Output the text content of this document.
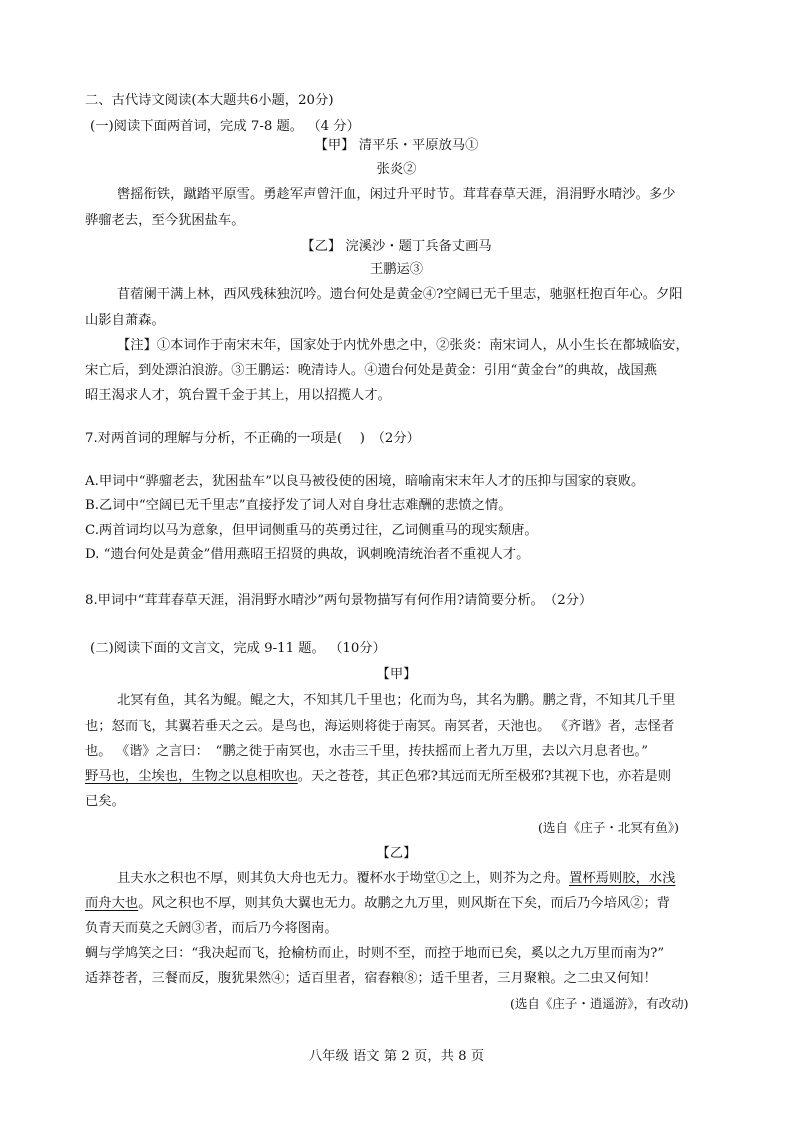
二、古代诗文阅读(本大题共6小题，20分)
(一)阅读下面两首词，完成 7-8 题。 （4 分）
【甲】 清平乐・平原放马①
张炎②
辔摇衔铁，蹴踏平原雪。勇趁军声曾汗血，闲过升平时节。茸茸春草天涯，涓涓野水晴沙。多少
骅骝老去，至今犹困盐车。
【乙】 浣溪沙・题丁兵备丈画马
王鹏运③
苜蓿阑干满上林，西风残秣独沉吟。遗台何处是黄金④?空阔已无千里志，驰驱枉抱百年心。夕阳
山影自萧森。
【注】①本词作于南宋末年，国家处于内忧外患之中，②张炎：南宋词人，从小生长在都城临安，
宋亡后，到处漂泊浪游。③王鹏运：晚清诗人。④遗台何处是黄金：引用“黄金台”的典故，战国燕
昭王渴求人才，筑台置千金于其上，用以招揽人才。
7.对两首词的理解与分析，不正确的一项是(　 )　（2分）
A.甲词中“骅骝老去，犹困盐车”以良马被役使的困境，暗喻南宋末年人才的压抑与国家的衰败。
B.乙词中“空阔已无千里志”直接抒发了词人对自身壮志难酬的悲愤之情。
C.两首词均以马为意象，但甲词侧重马的英勇过往，乙词侧重马的现实颓唐。
D. “遗台何处是黄金”借用燕昭王招贤的典故，讽刺晚清统治者不重视人才。
8.甲词中“茸茸春草天涯，涓涓野水晴沙”两句景物描写有何作用?请简要分析。　（2分）
(二)阅读下面的文言文，完成 9-11 题。 （10分）
【甲】
北冥有鱼，其名为鲲。鲲之大，不知其几千里也；化而为鸟，其名为鹏。鹏之背，不知其几千里
也；怒而飞，其翼若垂天之云。是鸟也，海运则将徙于南冥。南冥者，天池也。 《齐谐》者，志怪者
也。 《谐》之言曰：　“鹏之徙于南冥也，水击三千里，抟扶摇而上者九万里，去以六月息者也。”
野马也，尘埃也，生物之以息相吹也。天之苍苍，其正色邪?其远而无所至极邪?其视下也，亦若是则
已矣。
(选自《庄子・北冥有鱼》)
【乙】
且夫水之积也不厚，则其负大舟也无力。覆杯水于坳堂①之上，则芥为之舟。置杯焉则胶，水浅
而舟大也。风之积也不厚，则其负大翼也无力。故鹏之九万里，则风斯在下矣，而后乃今培风②；背
负青天而莫之夭阏③者，而后乃今将图南。
蜩与学鸠笑之曰：“我决起而飞，抢榆枋而止，时则不至，而控于地而已矣，奚以之九万里而南为?”
适莽苍者，三餐而反，腹犹果然④；适百里者，宿舂粮⑧；适千里者，三月聚粮。之二虫又何知！
(选自《庄子・逍遥游》，有改动)
八年级 语文 第 2 页，共 8 页
